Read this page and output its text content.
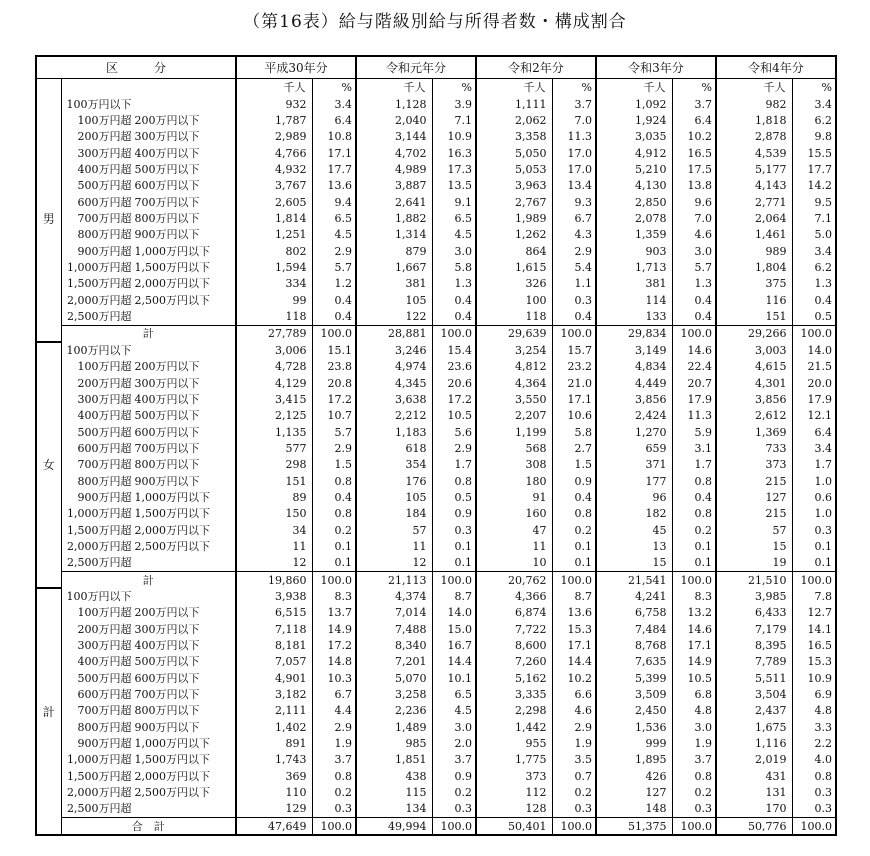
（第16表）給与階級別給与所得者数・構成割合
区　　　分		平成30年分		令和元年分		令和2年分		令和3年分		令和4年分	
		千人	%	千人	%	千人	%	千人	%	千人	%
男	100万円以下	932	3.4	1,128	3.9	1,111	3.7	1,092	3.7	982	3.4
	100万円超 200万円以下	1,787	6.4	2,040	7.1	2,062	7.0	1,924	6.4	1,818	6.2
	200万円超 300万円以下	2,989	10.8	3,144	10.9	3,358	11.3	3,035	10.2	2,878	9.8
	300万円超 400万円以下	4,766	17.1	4,702	16.3	5,050	17.0	4,912	16.5	4,539	15.5
	400万円超 500万円以下	4,932	17.7	4,989	17.3	5,053	17.0	5,210	17.5	5,177	17.7
	500万円超 600万円以下	3,767	13.6	3,887	13.5	3,963	13.4	4,130	13.8	4,143	14.2
	600万円超 700万円以下	2,605	9.4	2,641	9.1	2,767	9.3	2,850	9.6	2,771	9.5
	700万円超 800万円以下	1,814	6.5	1,882	6.5	1,989	6.7	2,078	7.0	2,064	7.1
	800万円超 900万円以下	1,251	4.5	1,314	4.5	1,262	4.3	1,359	4.6	1,461	5.0
	900万円超 1,000万円以下	802	2.9	879	3.0	864	2.9	903	3.0	989	3.4
	1,000万円超 1,500万円以下	1,594	5.7	1,667	5.8	1,615	5.4	1,713	5.7	1,804	6.2
	1,500万円超 2,000万円以下	334	1.2	381	1.3	326	1.1	381	1.3	375	1.3
	2,000万円超 2,500万円以下	99	0.4	105	0.4	100	0.3	114	0.4	116	0.4
	2,500万円超	118	0.4	122	0.4	118	0.4	133	0.4	151	0.5
	計	27,789	100.0	28,881	100.0	29,639	100.0	29,834	100.0	29,266	100.0
女	100万円以下	3,006	15.1	3,246	15.4	3,254	15.7	3,149	14.6	3,003	14.0
	100万円超 200万円以下	4,728	23.8	4,974	23.6	4,812	23.2	4,834	22.4	4,615	21.5
	200万円超 300万円以下	4,129	20.8	4,345	20.6	4,364	21.0	4,449	20.7	4,301	20.0
	300万円超 400万円以下	3,415	17.2	3,638	17.2	3,550	17.1	3,856	17.9	3,856	17.9
	400万円超 500万円以下	2,125	10.7	2,212	10.5	2,207	10.6	2,424	11.3	2,612	12.1
	500万円超 600万円以下	1,135	5.7	1,183	5.6	1,199	5.8	1,270	5.9	1,369	6.4
	600万円超 700万円以下	577	2.9	618	2.9	568	2.7	659	3.1	733	3.4
	700万円超 800万円以下	298	1.5	354	1.7	308	1.5	371	1.7	373	1.7
	800万円超 900万円以下	151	0.8	176	0.8	180	0.9	177	0.8	215	1.0
	900万円超 1,000万円以下	89	0.4	105	0.5	91	0.4	96	0.4	127	0.6
	1,000万円超 1,500万円以下	150	0.8	184	0.9	160	0.8	182	0.8	215	1.0
	1,500万円超 2,000万円以下	34	0.2	57	0.3	47	0.2	45	0.2	57	0.3
	2,000万円超 2,500万円以下	11	0.1	11	0.1	11	0.1	13	0.1	15	0.1
	2,500万円超	12	0.1	12	0.1	10	0.1	15	0.1	19	0.1
	計	19,860	100.0	21,113	100.0	20,762	100.0	21,541	100.0	21,510	100.0
計	100万円以下	3,938	8.3	4,374	8.7	4,366	8.7	4,241	8.3	3,985	7.8
	100万円超 200万円以下	6,515	13.7	7,014	14.0	6,874	13.6	6,758	13.2	6,433	12.7
	200万円超 300万円以下	7,118	14.9	7,488	15.0	7,722	15.3	7,484	14.6	7,179	14.1
	300万円超 400万円以下	8,181	17.2	8,340	16.7	8,600	17.1	8,768	17.1	8,395	16.5
	400万円超 500万円以下	7,057	14.8	7,201	14.4	7,260	14.4	7,635	14.9	7,789	15.3
	500万円超 600万円以下	4,901	10.3	5,070	10.1	5,162	10.2	5,399	10.5	5,511	10.9
	600万円超 700万円以下	3,182	6.7	3,258	6.5	3,335	6.6	3,509	6.8	3,504	6.9
	700万円超 800万円以下	2,111	4.4	2,236	4.5	2,298	4.6	2,450	4.8	2,437	4.8
	800万円超 900万円以下	1,402	2.9	1,489	3.0	1,442	2.9	1,536	3.0	1,675	3.3
	900万円超 1,000万円以下	891	1.9	985	2.0	955	1.9	999	1.9	1,116	2.2
	1,000万円超 1,500万円以下	1,743	3.7	1,851	3.7	1,775	3.5	1,895	3.7	2,019	4.0
	1,500万円超 2,000万円以下	369	0.8	438	0.9	373	0.7	426	0.8	431	0.8
	2,000万円超 2,500万円以下	110	0.2	115	0.2	112	0.2	127	0.2	131	0.3
	2,500万円超	129	0.3	134	0.3	128	0.3	148	0.3	170	0.3
	合　計	47,649	100.0	49,994	100.0	50,401	100.0	51,375	100.0	50,776	100.0
